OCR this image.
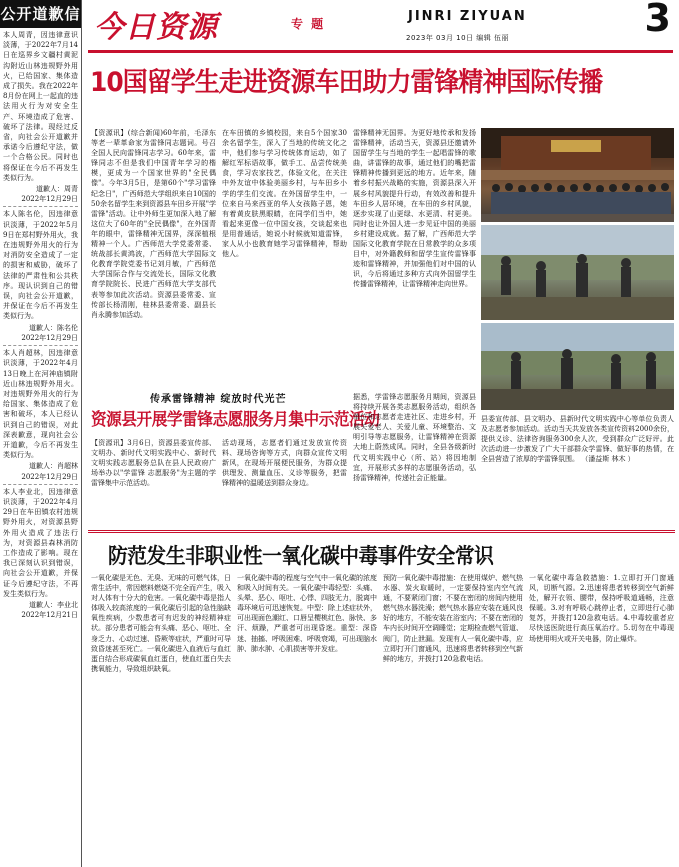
公开道歉信
本人周青，因违律意识淡薄，于2022年7月14日在巡界乡文疆村黄泥沟附近山林违规野外用火，已给国家、集体造成了损失。我在2022年8月份在网上一起直的违法用火行为对安全生产、环境造成了危害、破坏了法律。现经过反省，向社会公开道歉并承诺今后遵纪守法，做一个合格公民。同时也将保证在今后不再发生类似行为。
道歉人：周青
2022年12月29日
本人陈名伦，因违律意识淡薄，于2022年5月9日在郑村野外用火，我在违规野外用火的行为对消防安全造成了一定的损害和威胁，破坏了法律的严肃性和公共秩序。现认识到自己的错误，向社会公开道歉，并保证在今后不再发生类似行为。
道歉人：陈名伦
2022年12月29日
本人肖超林，因违律意识淡薄，于2022年4月13日晚上在河神庙镇附近山林违规野外用火。对违规野外用火的行为给国家、集体造成了危害和破坏，本人已经认识到自己的错误，对此深表歉意，现向社会公开道歉，今后不再发生类似行为。
道歉人：肖超林
2022年12月29日
本人李业北，因违律意识淡薄，于2022年4月29日在车田镇农村违规野外用火，对资源县野外用火造成了违法行为，对资源县森林消防工作造成了影响。现在我已深刻认识到错误，向社会公开道歉，并保证今后遵纪守法，不再发生类似行为。
道歉人：李业北
2022年12月21日
今日资源	专 题	JINRI ZIYUAN
2023年 03月 10日 编辑 伍丽	3
10国留学生走进资源车田助力雷锋精神国际传播
【资源讯】(综合新闻)60年前，毛泽东等老一辈革命家为雷锋同志题词。号召全国人民向雷锋同志学习。60年来，雷锋同志不但是我们中国青年学习的楷模，更成为一个国家世界的"全民偶像"。今年3月5日，是第60个"学习雷锋纪念日"，广西师范大学组织来自10国的50余名留学生来到资源县车田乡开展"学雷锋"活动。让中外师生更加深入地了解这位大了60年的"全民偶像"，在外国青年的眼中，雷锋精神无国界，深深植根精神一个人。广西师范大学党委常委、统战部长黄鸿波，广西师范大学国际文化教育学院党委书记刘月敏，广西师范大学国际合作与交流处长，国际文化教育学院院长、民进广西师范大学支部代表等参加此次活动。资源县委常委、宣传部长杨清刚，桂林县委常委、副县长肖永腾参加活动。
在车田镇的乡镇校园，来自5个国家30余名留学生，深入了当地的传统文化之中，他们参与学习传统体育运动，如了解红军标语故事，做手工、品尝传统美食，学习农家技艺，体验文化，在关注中外友谊中体验美丽乡村，与车田乡小学的学生们交流。在外国留学生中，一位来自马来西亚的华人女孩陈子恩，她有着黄皮肤黑眼睛，在同学们当中，她看起来更像一位中国女孩，交谈起来也是用普通话，她说小时候就知道雷锋，家人从小也教育她学习雷锋精神，帮助他人。
雷锋精神无国界。为更好地传承和发扬雷锋精神，活动当天，资源县还邀请外国留学生与当地的学生一起唱雷锋的歌曲，讲雷锋的故事，通过他们的嘴把雷锋精神传播到更远的地方。近年来，随着乡村振兴战略的实施，资源县深入开展乡村风貌提升行动，有效改善和提升车田乡人居环境，在车田的乡村风貌，逐步实现了山更绿、水更清、村更美。同时也让外国人进一步见证中国的美丽乡村建设成就。据了解，广西师范大学国际文化教育学院在日常教学的众多项目中，对外籍教师和留学生宣传雷锋事迹和雷锋精神，并加强他们对中国的认识，今后将通过多种方式向外国留学生传播雷锋精神，让雷锋精神走向世界。
传承雷锋精神 绽放时代光芒
资源县开展学雷锋志愿服务月集中示范活动
【资源讯】3月6日，资源县委宣传部、文明办、新时代文明实践中心、新时代文明实践志愿服务总队在县人民政府广场举办以"学雷锋 志愿服务"为主题的学雷锋集中示范活动。
活动现场，志愿者们通过发放宣传资料、现场咨询等方式，向群众宣传文明新风，在现场开展便民服务，为群众提供理发、测量血压、义诊等服务，把雷锋精神的温暖送到群众身边。
据悉，学雷锋志愿服务月期间，资源县将持续开展各类志愿服务活动，组织各单位和志愿者走进社区、走进乡村，开展关爱老人、关爱儿童、环境整治、文明引导等志愿服务，让雷锋精神在资源大地上蔚然成风。同时，全县各级新时代文明实践中心（所、站）将因地制宜，开展形式多样的志愿服务活动，弘扬雷锋精神，传递社会正能量。
县委宣传部、县文明办、县新时代文明实践中心等单位负责人及志愿者参加活动。活动当天共发放各类宣传资料2000余份，提供义诊、法律咨询服务300余人次，受到群众广泛好评。此次活动进一步激发了广大干部群众学雷锋、做好事的热情，在全县营造了浓厚的学雷锋氛围。 （潘益斯 林木 ）
防范发生非职业性一氧化碳中毒事件安全常识
一氧化碳是无色、无臭、无味的可燃气体，日常生活中，常因燃料燃烧不完全而产生，吸入对人体有十分大的危害。一氧化碳中毒是指人体吸入较高浓度的一氧化碳后引起的急性脑缺氧性疾病，少数患者可有迟发的神经精神症状。部分患者可能会有头痛、恶心、呕吐、全身乏力、心动过速、昏厥等症状，严重时可导致昏迷甚至死亡。一氧化碳进入血液后与血红蛋白结合形成碳氧血红蛋白，使血红蛋白失去携氧能力，导致组织缺氧。
一氧化碳中毒的程度与空气中一氧化碳的浓度和吸入时间有关。一氧化碳中毒轻型：头痛、头晕、恶心、呕吐、心悸、四肢无力，脱离中毒环境后可迅速恢复。中型：除上述症状外，可出现面色潮红、口唇呈樱桃红色、脉快、多汗、烦躁，严重者可出现昏迷。重型：深昏迷、抽搐、呼吸困难、呼吸衰竭，可出现脑水肿、肺水肿、心肌损害等并发症。
预防一氧化碳中毒措施：在使用煤炉、燃气热水器、炭火取暖时，一定要保持室内空气流通，不要紧闭门窗；不要在密闭的房间内使用燃气热水器洗澡；燃气热水器应安装在通风良好的地方，不能安装在浴室内；不要在密闭的车内长时间开空调睡觉；定期检查燃气管道、阀门，防止泄漏。发现有人一氧化碳中毒，应立即打开门窗通风，迅速将患者转移到空气新鲜的地方，并拨打120急救电话。
一氧化碳中毒急救措施：1.立即打开门窗通风，切断气源。2.迅速将患者转移到空气新鲜处，解开衣领、腰带，保持呼吸道通畅，注意保暖。3.对有呼吸心跳停止者，立即进行心肺复苏，并拨打120急救电话。4.中毒较重者应尽快送医院进行高压氧治疗。5.切勿在中毒现场使用明火或开关电器，防止爆炸。
